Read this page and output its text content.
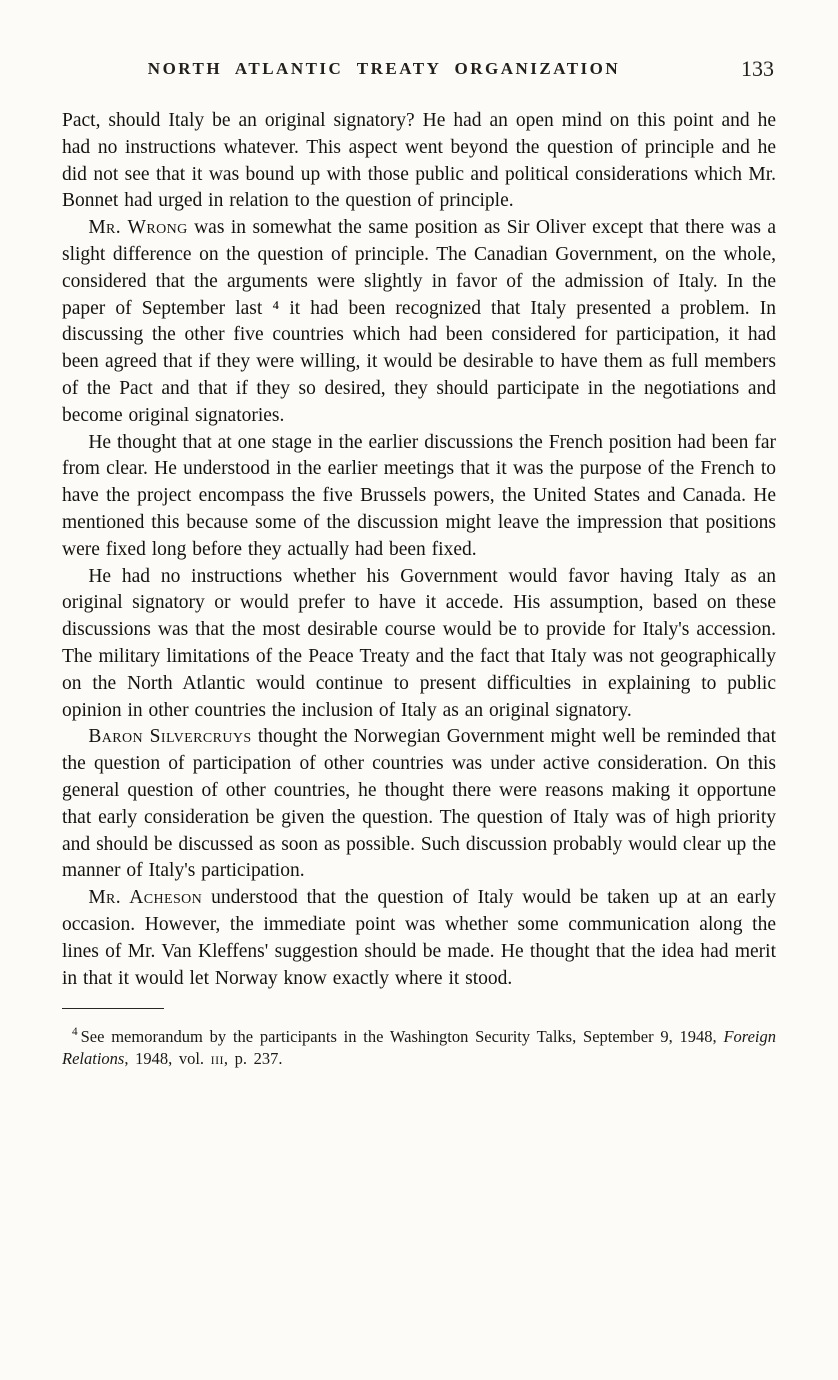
NORTH ATLANTIC TREATY ORGANIZATION	133

Pact, should Italy be an original signatory? He had an open mind on this point and he had no instructions whatever. This aspect went beyond the question of principle and he did not see that it was bound up with those public and political considerations which Mr. Bonnet had urged in relation to the question of principle.

Mr. Wrong was in somewhat the same position as Sir Oliver except that there was a slight difference on the question of principle. The Canadian Government, on the whole, considered that the arguments were slightly in favor of the admission of Italy. In the paper of September last ⁴ it had been recognized that Italy presented a problem. In discussing the other five countries which had been considered for participation, it had been agreed that if they were willing, it would be desirable to have them as full members of the Pact and that if they so desired, they should participate in the negotiations and become original signatories.

He thought that at one stage in the earlier discussions the French position had been far from clear. He understood in the earlier meetings that it was the purpose of the French to have the project encompass the five Brussels powers, the United States and Canada. He mentioned this because some of the discussion might leave the impression that positions were fixed long before they actually had been fixed.

He had no instructions whether his Government would favor having Italy as an original signatory or would prefer to have it accede. His assumption, based on these discussions was that the most desirable course would be to provide for Italy's accession. The military limitations of the Peace Treaty and the fact that Italy was not geographically on the North Atlantic would continue to present difficulties in explaining to public opinion in other countries the inclusion of Italy as an original signatory.

Baron Silvercruys thought the Norwegian Government might well be reminded that the question of participation of other countries was under active consideration. On this general question of other countries, he thought there were reasons making it opportune that early consideration be given the question. The question of Italy was of high priority and should be discussed as soon as possible. Such discussion probably would clear up the manner of Italy's participation.

Mr. Acheson understood that the question of Italy would be taken up at an early occasion. However, the immediate point was whether some communication along the lines of Mr. Van Kleffens' suggestion should be made. He thought that the idea had merit in that it would let Norway know exactly where it stood.

$^4$ See memorandum by the participants in the Washington Security Talks, September 9, 1948, Foreign Relations, 1948, vol. iii, p. 237.
